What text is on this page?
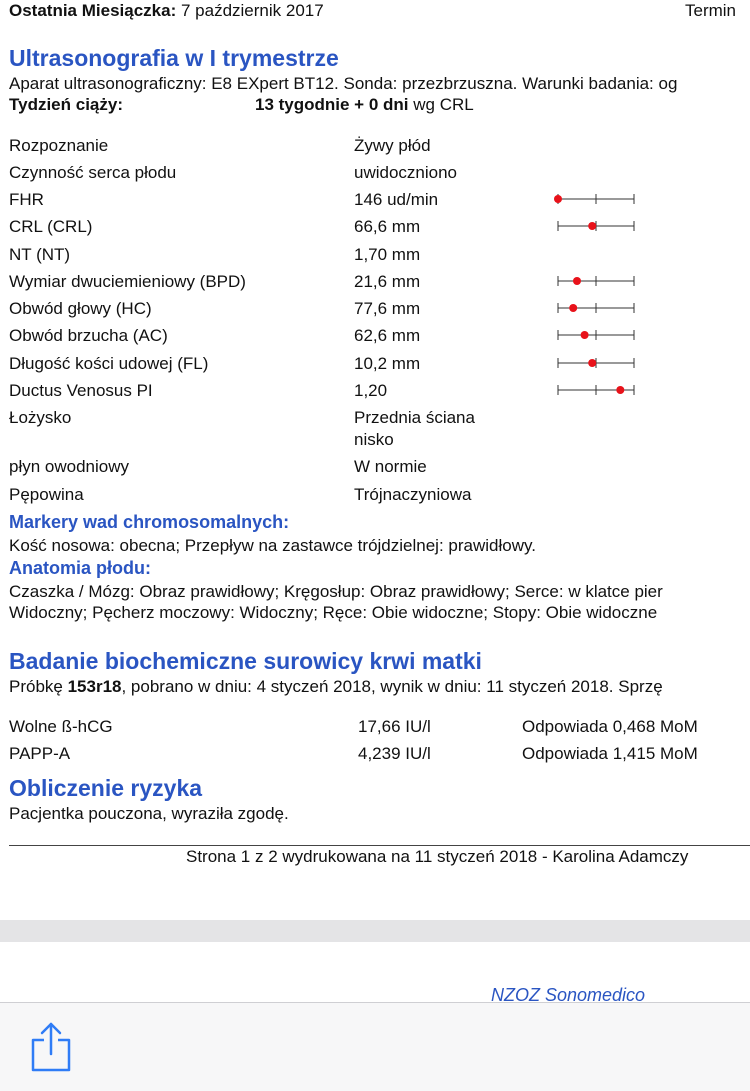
Ostatnia Miesiączka: 7 październik 2017	Termin
Ultrasonografia w I trymestrze
Aparat ultrasonograficzny: E8 EXpert BT12. Sonda: przezbrzuszna. Warunki badania: og
Tydzień ciąży:	13 tygodnie + 0 dni wg CRL
Rozpoznanie	Żywy płód
Czynność serca płodu	uwidoczniono
FHR	146 ud/min
CRL (CRL)	66,6 mm
NT (NT)	1,70 mm
Wymiar dwuciemieniowy (BPD)	21,6 mm
Obwód głowy (HC)	77,6 mm
Obwód brzucha (AC)	62,6 mm
Długość kości udowej (FL)	10,2 mm
Ductus Venosus PI	1,20
Łożysko	Przednia ściana
nisko
płyn owodniowy	W normie
Pępowina	Trójnaczyniowa
Markery wad chromosomalnych:
Kość nosowa: obecna; Przepływ na zastawce trójdzielnej: prawidłowy.
Anatomia płodu:
Czaszka / Mózg: Obraz prawidłowy; Kręgosłup: Obraz prawidłowy; Serce: w klatce pier
Widoczny; Pęcherz moczowy: Widoczny; Ręce: Obie widoczne; Stopy: Obie widoczne
Badanie biochemiczne surowicy krwi matki
Próbkę 153r18, pobrano w dniu: 4 styczeń 2018, wynik w dniu: 11 styczeń 2018. Sprzę
Wolne ß-hCG	17,66 IU/l	Odpowiada 0,468 MoM
PAPP-A	4,239 IU/l	Odpowiada 1,415 MoM
Obliczenie ryzyka
Pacjentka pouczona, wyraziła zgodę.
Strona 1 z 2 wydrukowana na 11 styczeń 2018 - Karolina Adamczy
NZOZ Sonomedico
